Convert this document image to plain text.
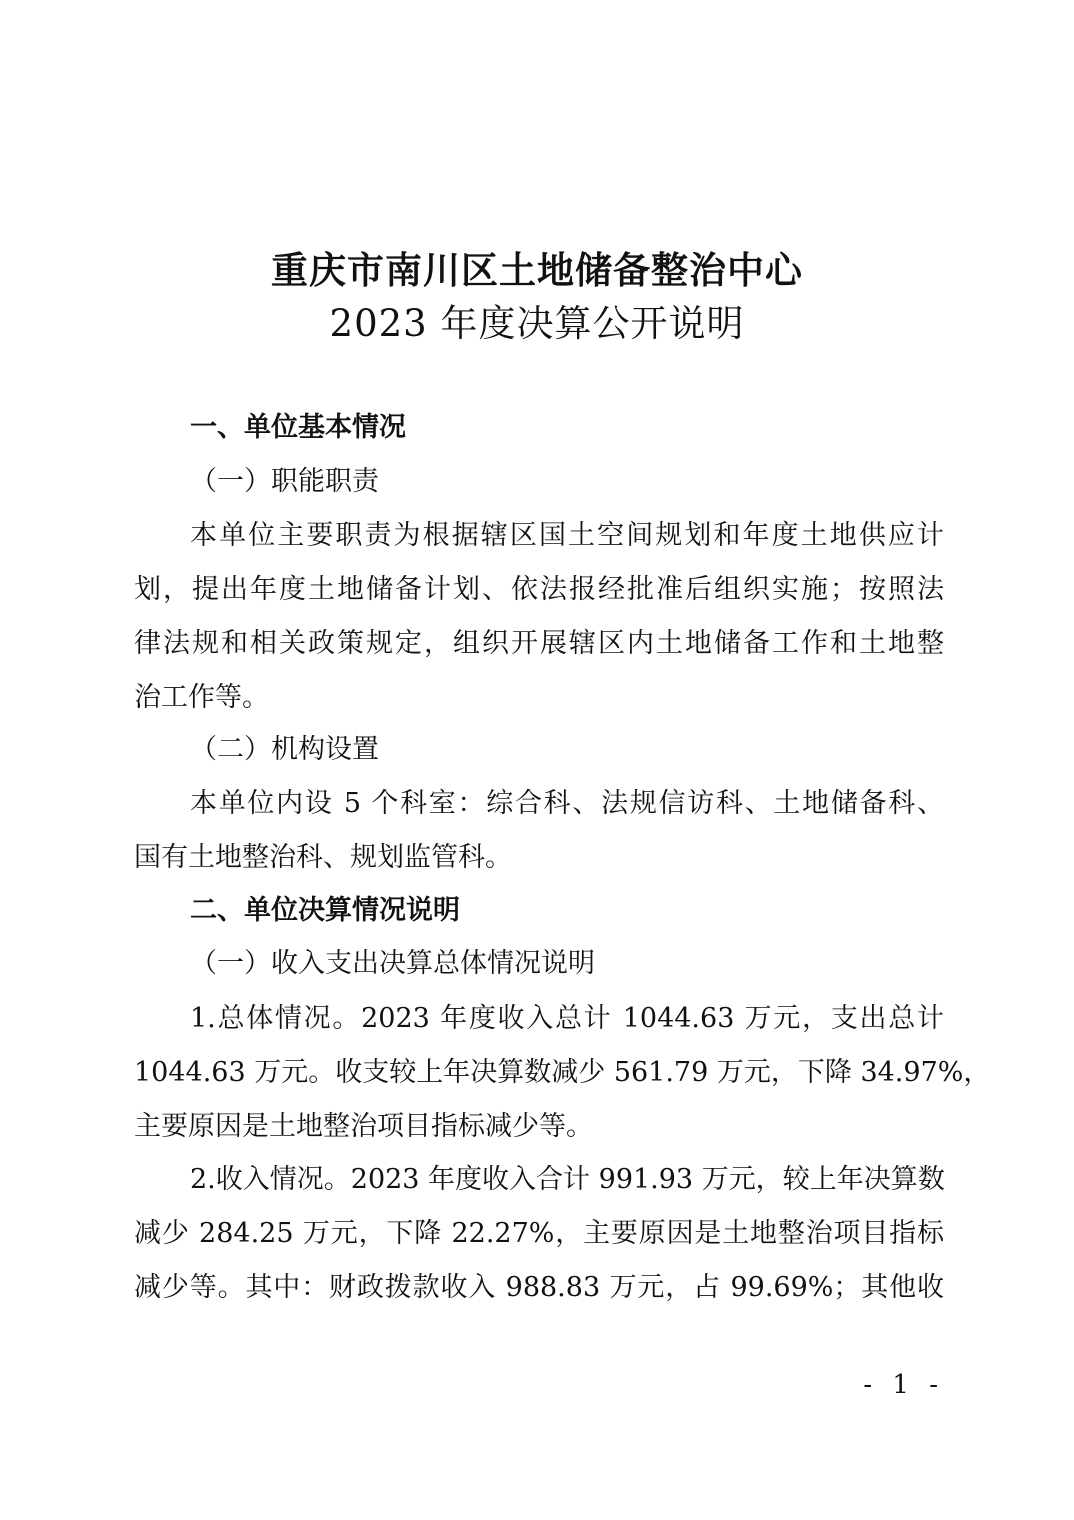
重庆市南川区土地储备整治中心
2023 年度决算公开说明
一、单位基本情况
（一）职能职责
本单位主要职责为根据辖区国土空间规划和年度土地供应计
划，提出年度土地储备计划、依法报经批准后组织实施；按照法
律法规和相关政策规定，组织开展辖区内土地储备工作和土地整
治工作等。
（二）机构设置
本单位内设 5 个科室：综合科、法规信访科、土地储备科、
国有土地整治科、规划监管科。
二、单位决算情况说明
（一）收入支出决算总体情况说明
1.总体情况。2023 年度收入总计 1044.63 万元，支出总计
1044.63 万元。收支较上年决算数减少 561.79 万元，下降 34.97%，
主要原因是土地整治项目指标减少等。
2.收入情况。2023 年度收入合计 991.93 万元，较上年决算数
减少 284.25 万元，下降 22.27%，主要原因是土地整治项目指标
减少等。其中：财政拨款收入 988.83 万元，占 99.69%；其他收
- 1 -
